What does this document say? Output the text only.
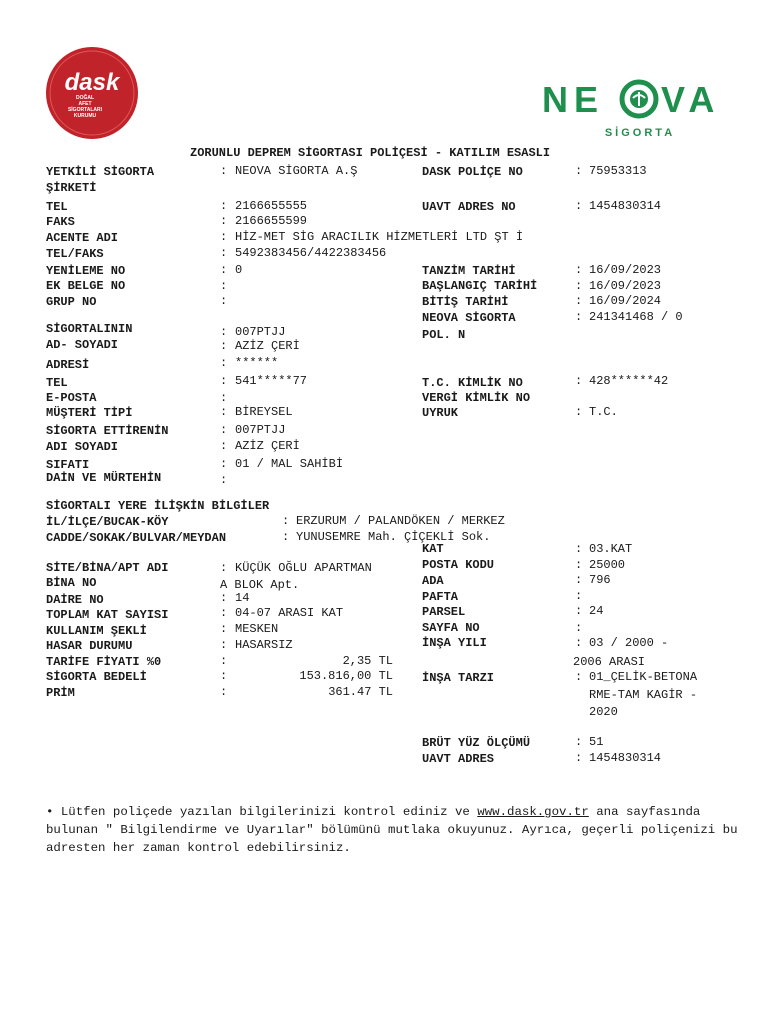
dask
DOĞAL
AFET
SİGORTALARI
KURUMU	NE VA
SİGORTA
ZORUNLU DEPREM SİGORTASI POLİÇESİ - KATILIM ESASLI
YETKİLİ SİGORTA
ŞİRKETİ
: NEOVA SİGORTA A.Ş
TEL	: 2166655555
FAKS	: 2166655599
ACENTE ADI	: HİZ-MET SİG ARACILIK HİZMETLERİ LTD ŞT İ
TEL/FAKS	: 5492383456/4422383456
YENİLEME NO	: 0
EK BELGE NO	:
GRUP NO	:
SİGORTALININ	: 007PTJJ
AD- SOYADI	: AZİZ ÇERİ
ADRESİ	: ******
TEL	: 541*****77
E-POSTA	:
MÜŞTERİ TİPİ	: BİREYSEL
SİGORTA ETTİRENİN	: 007PTJJ
ADI SOYADI	: AZİZ ÇERİ
SIFATI	: 01 / MAL SAHİBİ
DAİN VE MÜRTEHİN	:
DASK POLİÇE NO	: 75953313
UAVT ADRES NO	: 1454830314
TANZİM TARİHİ	: 16/09/2023
BAŞLANGIÇ TARİHİ	: 16/09/2023
BİTİŞ TARİHİ	: 16/09/2024
NEOVA SİGORTA	: 241341468 / 0
POL. N
T.C. KİMLİK NO	: 428******42
VERGİ KİMLİK NO
UYRUK	: T.C.
SİGORTALI YERE İLİŞKİN BİLGİLER
İL/İLÇE/BUCAK-KÖY	: ERZURUM / PALANDÖKEN / MERKEZ
CADDE/SOKAK/BULVAR/MEYDAN	: YUNUSEMRE Mah. ÇİÇEKLİ Sok.
SİTE/BİNA/APT ADI	: KÜÇÜK OĞLU APARTMAN
BİNA NO	A BLOK Apt.
DAİRE NO	: 14
TOPLAM KAT SAYISI	: 04-07 ARASI KAT
KULLANIM ŞEKLİ	: MESKEN
HASAR DURUMU	: HASARSIZ
TARİFE FİYATI %0	:	2,35 TL
SİGORTA BEDELİ	:	153.816,00 TL
PRİM	:	361.47 TL
KAT	: 03.KAT
POSTA KODU	: 25000
ADA	: 796
PAFTA	:
PARSEL	: 24
SAYFA NO	:
İNŞA YILI	: 03 / 2000 -
2006 ARASI
İNŞA TARZI	: 01_ÇELİK-BETONA
RME-TAM KAGİR -
2020
BRÜT YÜZ ÖLÇÜMÜ	: 51
UAVT ADRES	: 1454830314
• Lütfen poliçede yazılan bilgilerinizi kontrol ediniz ve www.dask.gov.tr ana sayfasında bulunan " Bilgilendirme ve Uyarılar" bölümünü mutlaka okuyunuz. Ayrıca, geçerli poliçenizi bu adresten her zaman kontrol edebilirsiniz.
